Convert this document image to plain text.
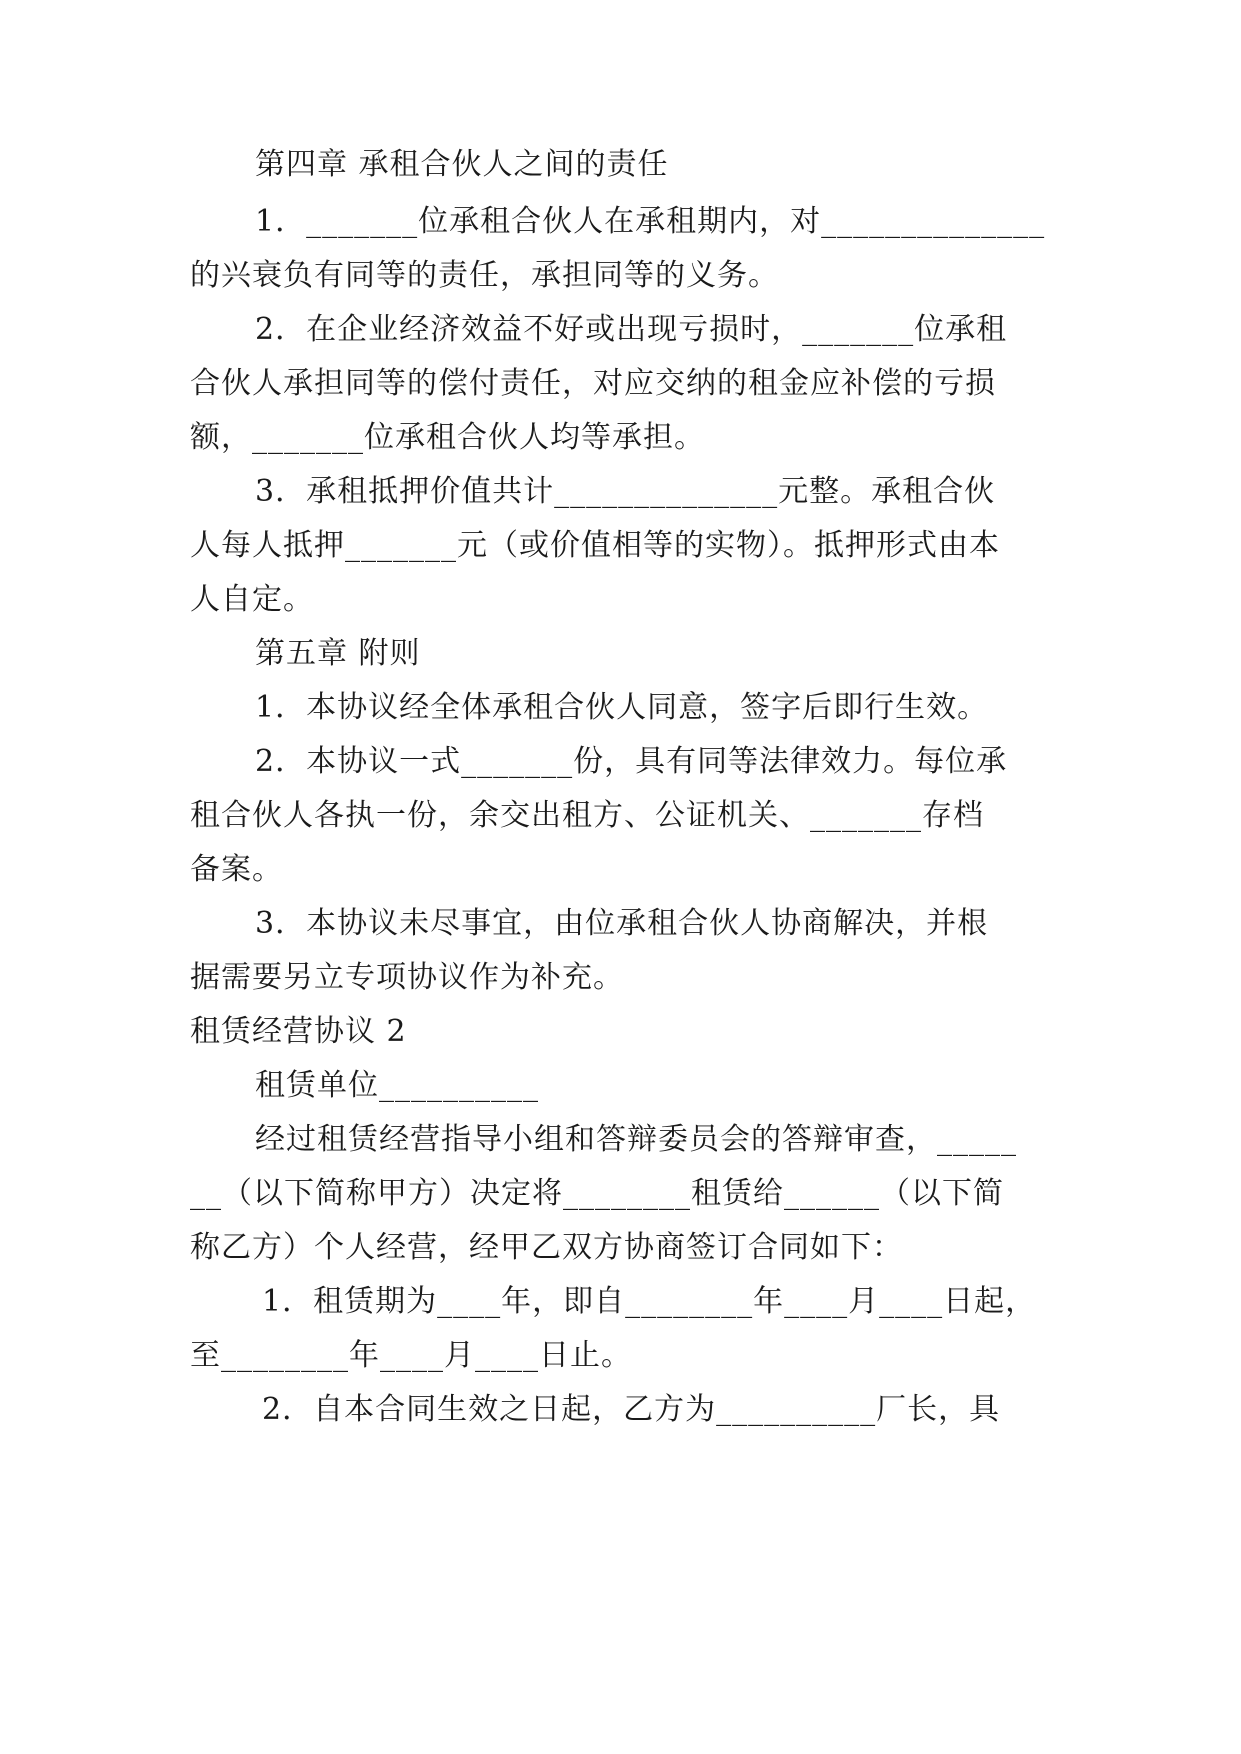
第四章 承租合伙人之间的责任
1．_______位承租合伙人在承租期内，对______________
的兴衰负有同等的责任，承担同等的义务。
2．在企业经济效益不好或出现亏损时，_______位承租
合伙人承担同等的偿付责任，对应交纳的租金应补偿的亏损
额，_______位承租合伙人均等承担。
3．承租抵押价值共计______________元整。承租合伙
人每人抵押_______元（或价值相等的实物）。抵押形式由本
人自定。
第五章 附则
1．本协议经全体承租合伙人同意，签字后即行生效。
2．本协议一式_______份，具有同等法律效力。每位承
租合伙人各执一份，余交出租方、公证机关、_______存档
备案。
3．本协议未尽事宜，由位承租合伙人协商解决，并根
据需要另立专项协议作为补充。
租赁经营协议 2
租赁单位__________
经过租赁经营指导小组和答辩委员会的答辩审查，_____
__（以下简称甲方）决定将________租赁给______（以下简
称乙方）个人经营，经甲乙双方协商签订合同如下：
1．租赁期为____年，即自________年____月____日起，
至________年____月____日止。
2．自本合同生效之日起，乙方为__________厂长，具
